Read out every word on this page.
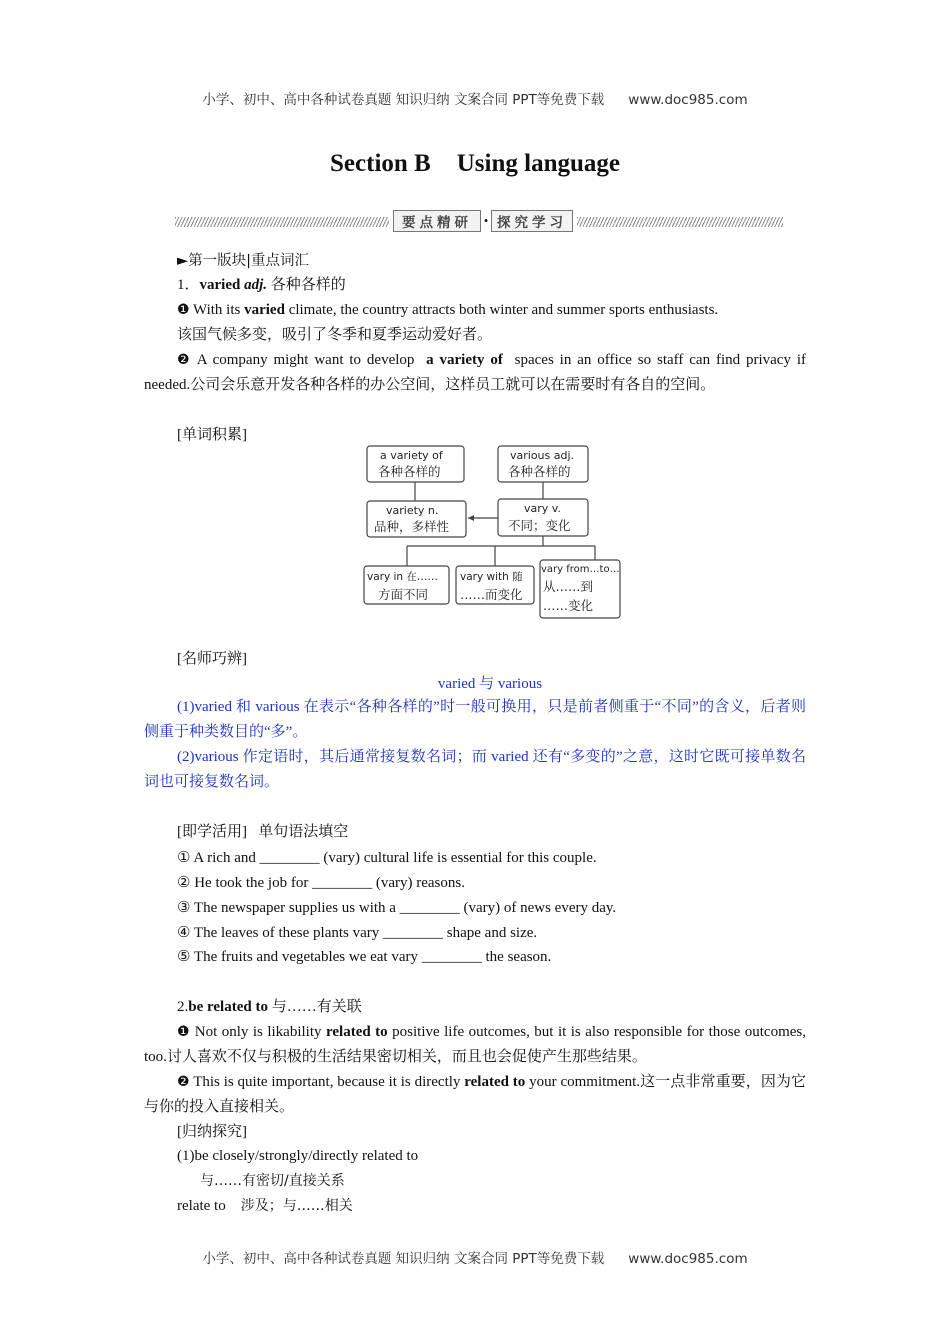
小学、初中、高中各种试卷真题 知识归纳 文案合同 PPT等免费下载 www.doc985.com
Section B Using language
要点精研 · 探究学习
►第一版块|重点词汇
1．varied adj. 各种各样的
❶ With its varied climate, the country attracts both winter and summer sports enthusiasts.
该国气候多变，吸引了冬季和夏季运动爱好者。
❷ A company might want to develop  a variety of  spaces in an office so staff can find privacy if needed.公司会乐意开发各种各样的办公空间，这样员工就可以在需要时有各自的空间。
[单词积累]
a variety of
各种各样的
various adj.
各种各样的
variety n.
品种，多样性
vary v.
不同；变化
vary in 在……
方面不同
vary with 随
……而变化
vary from…to…
从……到
……变化
[名师巧辨]
varied 与 various
(1)varied 和 various 在表示“各种各样的”时一般可换用，只是前者侧重于“不同”的含义，后者则侧重于种类数目的“多”。
(2)various 作定语时，其后通常接复数名词；而 varied 还有“多变的”之意，这时它既可接单数名词也可接复数名词。
[即学活用] 单句语法填空
① A rich and ________ (vary) cultural life is essential for this couple.
② He took the job for ________ (vary) reasons.
③ The newspaper supplies us with a ________ (vary) of news every day.
④ The leaves of these plants vary ________ shape and size.
⑤ The fruits and vegetables we eat vary ________ the season.
2.be related to 与……有关联
❶ Not only is likability related to positive life outcomes, but it is also responsible for those outcomes, too.讨人喜欢不仅与积极的生活结果密切相关，而且也会促使产生那些结果。
❷ This is quite important, because it is directly related to your commitment.这一点非常重要，因为它与你的投入直接相关。
[归纳探究]
(1)be closely/strongly/directly related to
与……有密切/直接关系
relate to 涉及；与……相关
小学、初中、高中各种试卷真题 知识归纳 文案合同 PPT等免费下载 www.doc985.com
